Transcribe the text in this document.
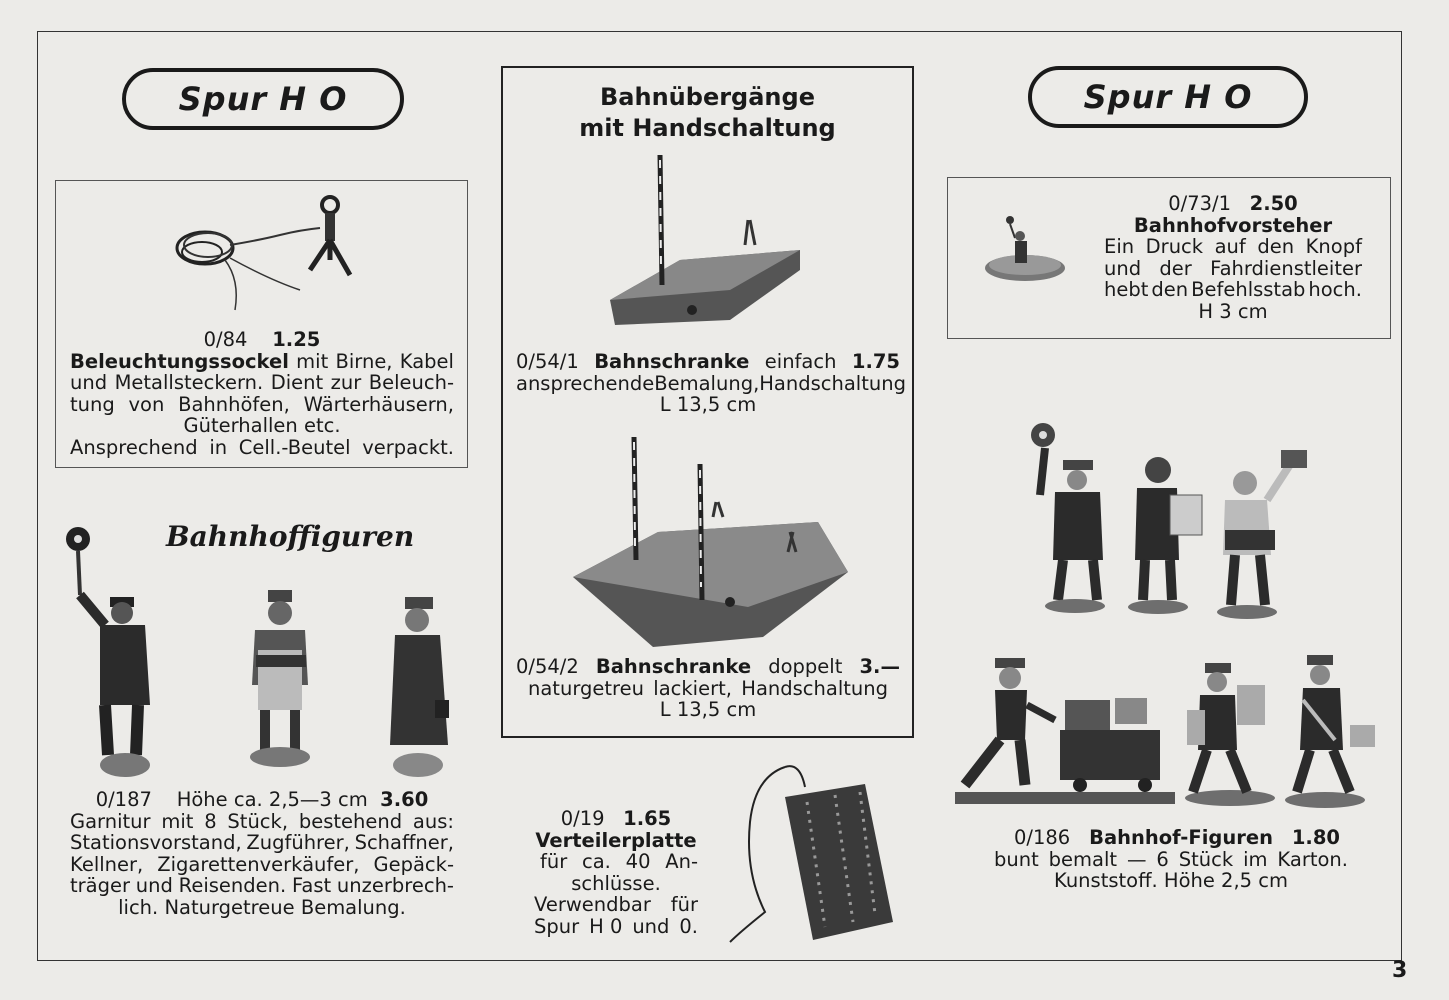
3
Spur H O	Spur H O
0/84 1.25
Beleuchtungssockel mit Birne, Kabel
und Metallsteckern. Dient zur Beleuch-
tung von Bahnhöfen, Wärterhäusern,
Güterhallen etc.
Ansprechend in Cell.-Beutel verpackt.
Bahnhoffiguren
0/187 Höhe ca. 2,5—3 cm 3.60
Garnitur mit 8 Stück, bestehend aus:
Stationsvorstand, Zugführer, Schaffner,
Kellner, Zigarettenverkäufer, Gepäck-
träger und Reisenden. Fast unzerbrech-
lich. Naturgetreue Bemalung.
Bahnübergänge
mit Handschaltung
0/54/1 Bahnschranke einfach 1.75
ansprechendeBemalung,Handschaltung
L 13,5 cm
0/54/2 Bahnschranke doppelt 3.—
naturgetreu lackiert, Handschaltung
L 13,5 cm
0/19 1.65
Verteilerplatte
für ca. 40 An-
schlüsse.
Verwendbar für
Spur H 0 und 0.
0/73/1 2.50
Bahnhofvorsteher
Ein Druck auf den Knopf
und der Fahrdienstleiter
hebt den Befehlsstab hoch.
H 3 cm
0/186 Bahnhof-Figuren 1.80
bunt bemalt — 6 Stück im Karton.
Kunststoff. Höhe 2,5 cm
